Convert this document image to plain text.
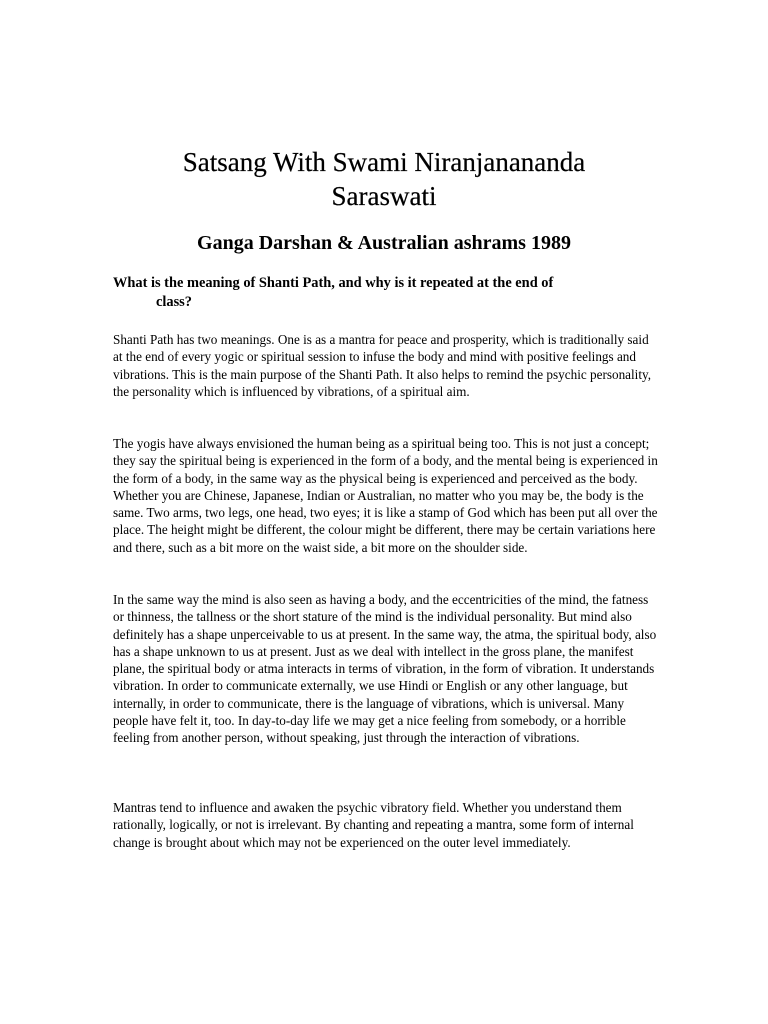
Satsang With Swami Niranjanananda
Saraswati
Ganga Darshan & Australian ashrams 1989
What is the meaning of Shanti Path, and why is it repeated at the end of
class?

Shanti Path has two meanings. One is as a mantra for peace and prosperity, which is traditionally said at the end of every yogic or spiritual session to infuse the body and mind with positive feelings and vibrations. This is the main purpose of the Shanti Path. It also helps to remind the psychic personality, the personality which is influenced by vibrations, of a spiritual aim.

The yogis have always envisioned the human being as a spiritual being too. This is not just a concept; they say the spiritual being is experienced in the form of a body, and the mental being is experienced in the form of a body, in the same way as the physical being is experienced and perceived as the body. Whether you are Chinese, Japanese, Indian or Australian, no matter who you may be, the body is the same. Two arms, two legs, one head, two eyes; it is like a stamp of God which has been put all over the place. The height might be different, the colour might be different, there may be certain variations here and there, such as a bit more on the waist side, a bit more on the shoulder side.

In the same way the mind is also seen as having a body, and the eccentricities of the mind, the fatness or thinness, the tallness or the short stature of the mind is the individual personality. But mind also definitely has a shape unperceivable to us at present. In the same way, the atma, the spiritual body, also has a shape unknown to us at present. Just as we deal with intellect in the gross plane, the manifest plane, the spiritual body or atma interacts in terms of vibration, in the form of vibration. It understands vibration. In order to communicate externally, we use Hindi or English or any other language, but internally, in order to communicate, there is the language of vibrations, which is universal. Many people have felt it, too. In day-to-day life we may get a nice feeling from somebody, or a horrible feeling from another person, without speaking, just through the interaction of vibrations.

Mantras tend to influence and awaken the psychic vibratory field. Whether you understand them rationally, logically, or not is irrelevant. By chanting and repeating a mantra, some form of internal change is brought about which may not be experienced on the outer level immediately.
